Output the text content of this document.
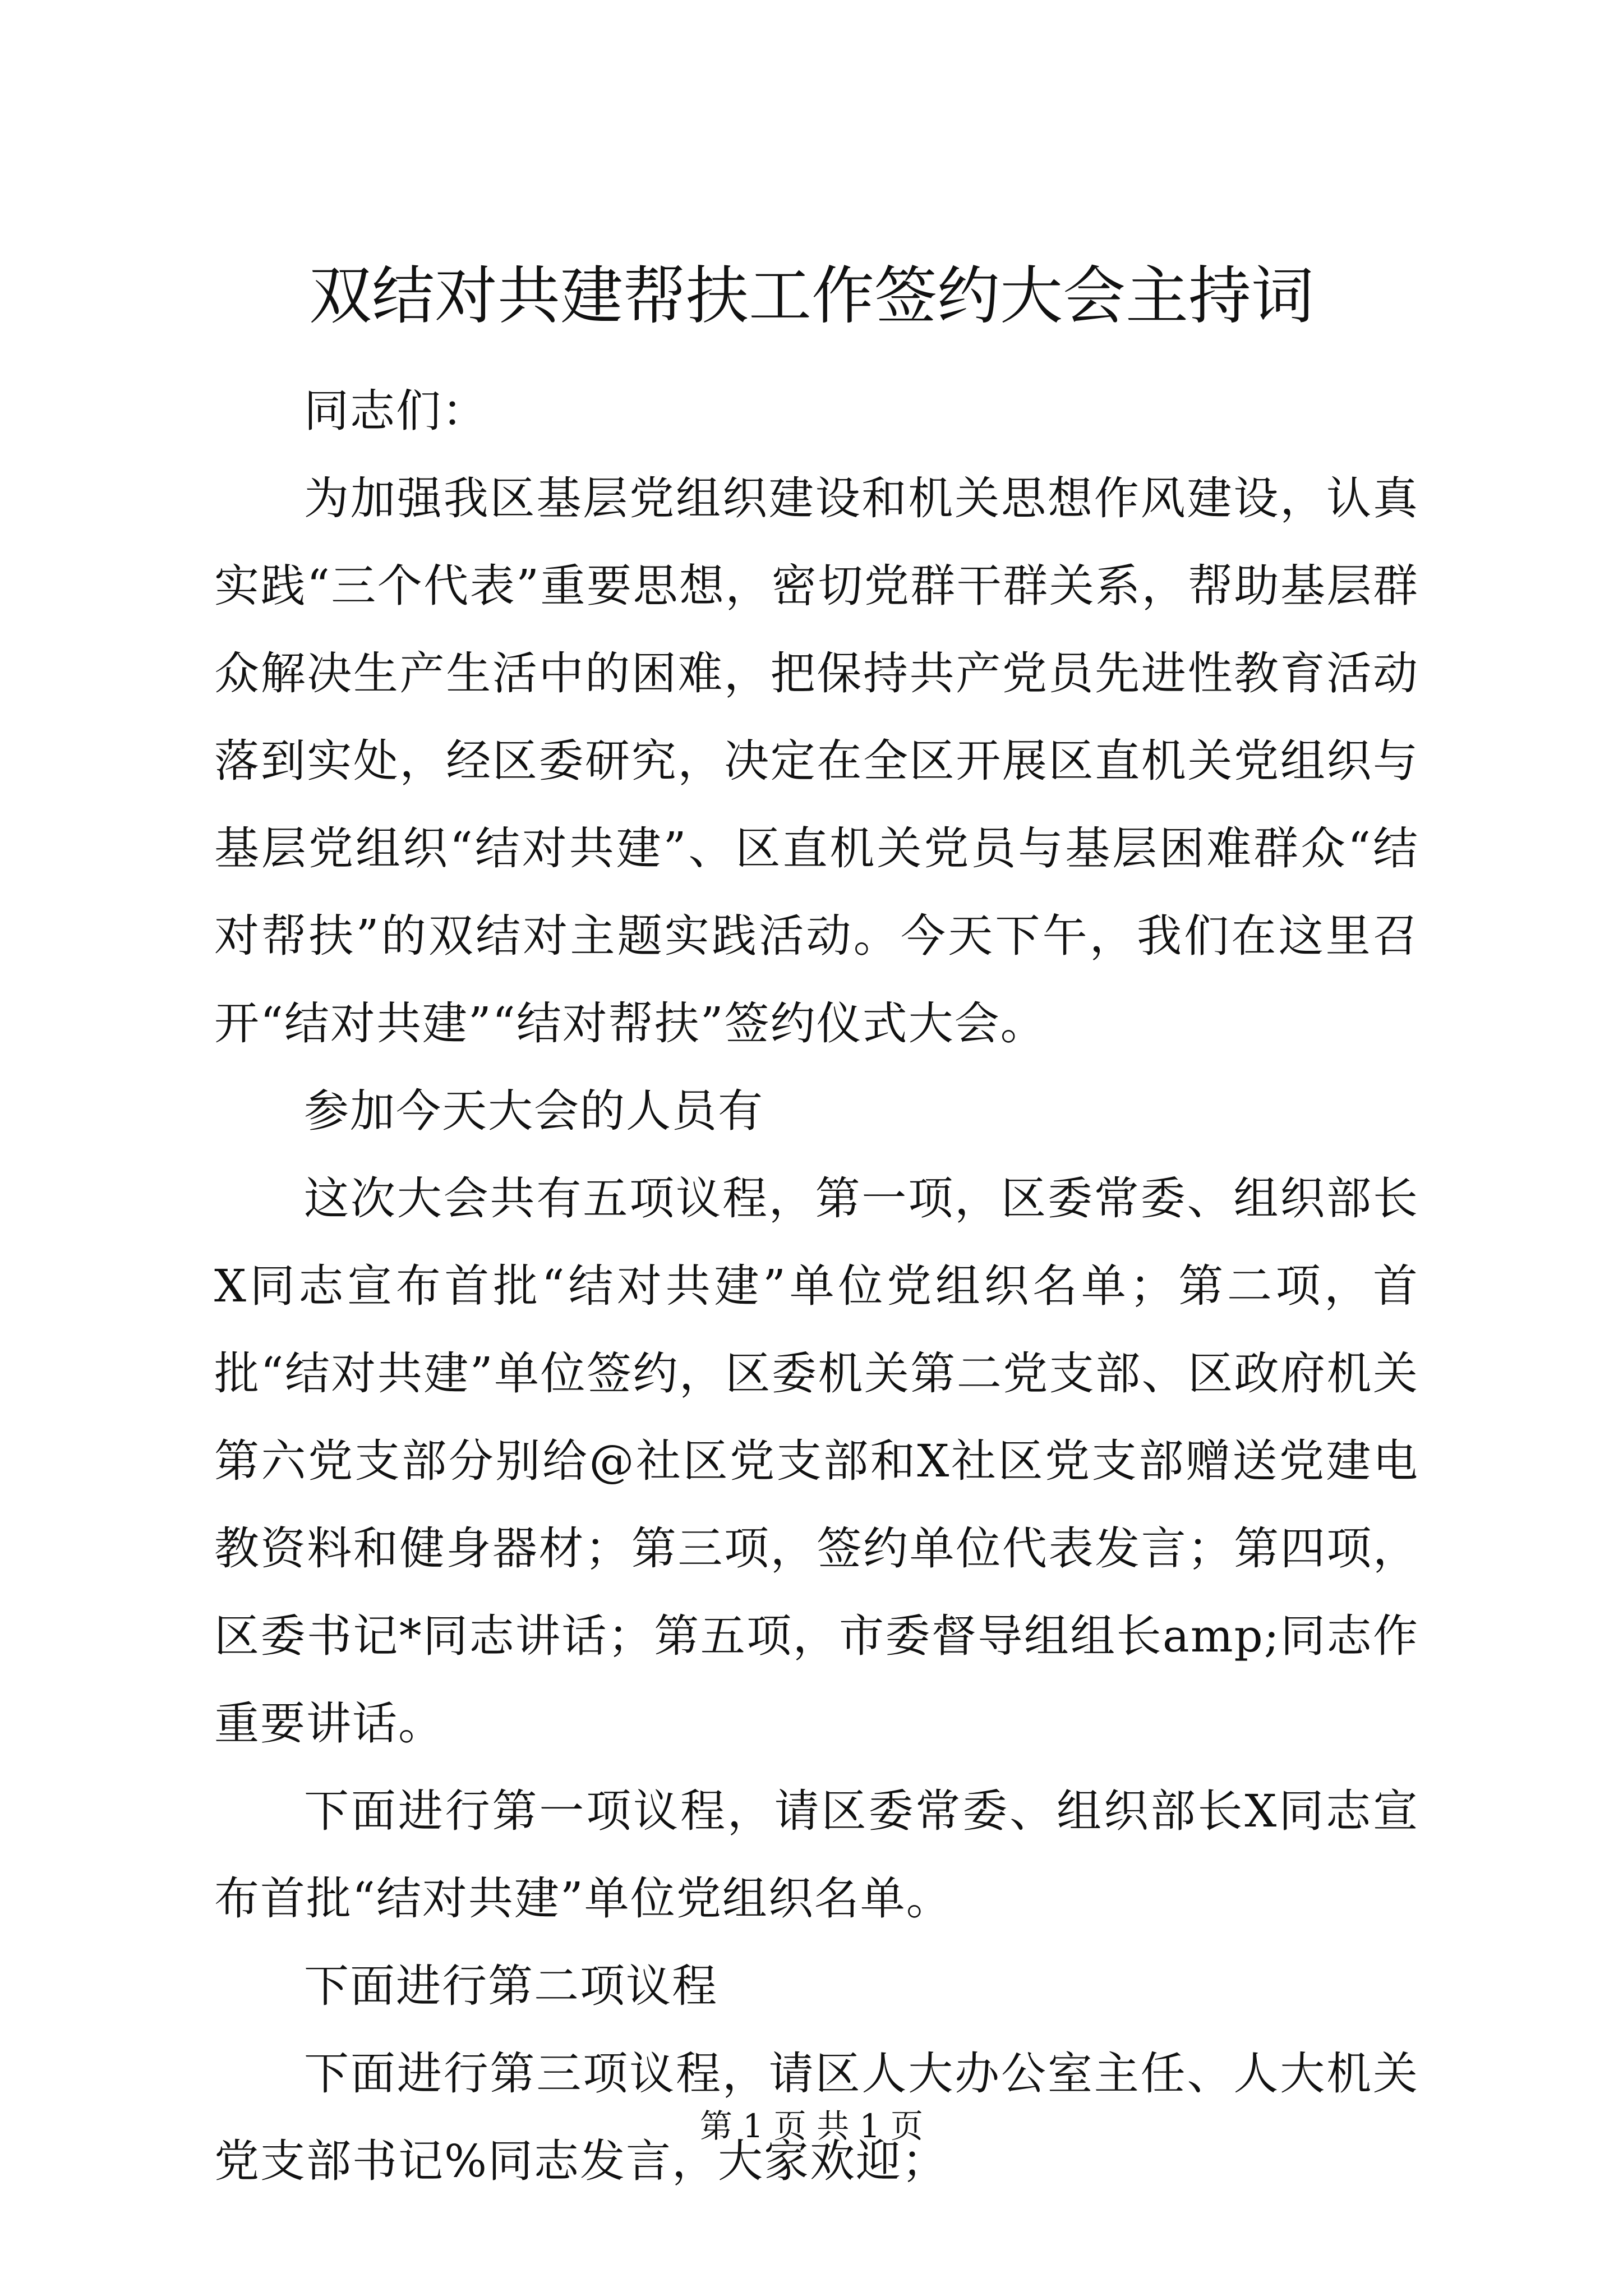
双结对共建帮扶工作签约大会主持词

同志们：

为加强我区基层党组织建设和机关思想作风建设，认真实践“三个代表”重要思想，密切党群干群关系，帮助基层群众解决生产生活中的困难，把保持共产党员先进性教育活动落到实处，经区委研究，决定在全区开展区直机关党组织与基层党组织“结对共建”、区直机关党员与基层困难群众“结对帮扶”的双结对主题实践活动。今天下午，我们在这里召开“结对共建”“结对帮扶”签约仪式大会。

参加今天大会的人员有

这次大会共有五项议程，第一项，区委常委、组织部长X同志宣布首批“结对共建”单位党组织名单；第二项，首批“结对共建”单位签约，区委机关第二党支部、区政府机关第六党支部分别给@社区党支部和X社区党支部赠送党建电教资料和健身器材；第三项，签约单位代表发言；第四项，区委书记*同志讲话；第五项，市委督导组组长amp;同志作重要讲话。

下面进行第一项议程，请区委常委、组织部长X同志宣布首批“结对共建”单位党组织名单。

下面进行第二项议程

下面进行第三项议程，请区人大办公室主任、人大机关党支部书记%同志发言，大家欢迎；

第 1 页 共 1 页
